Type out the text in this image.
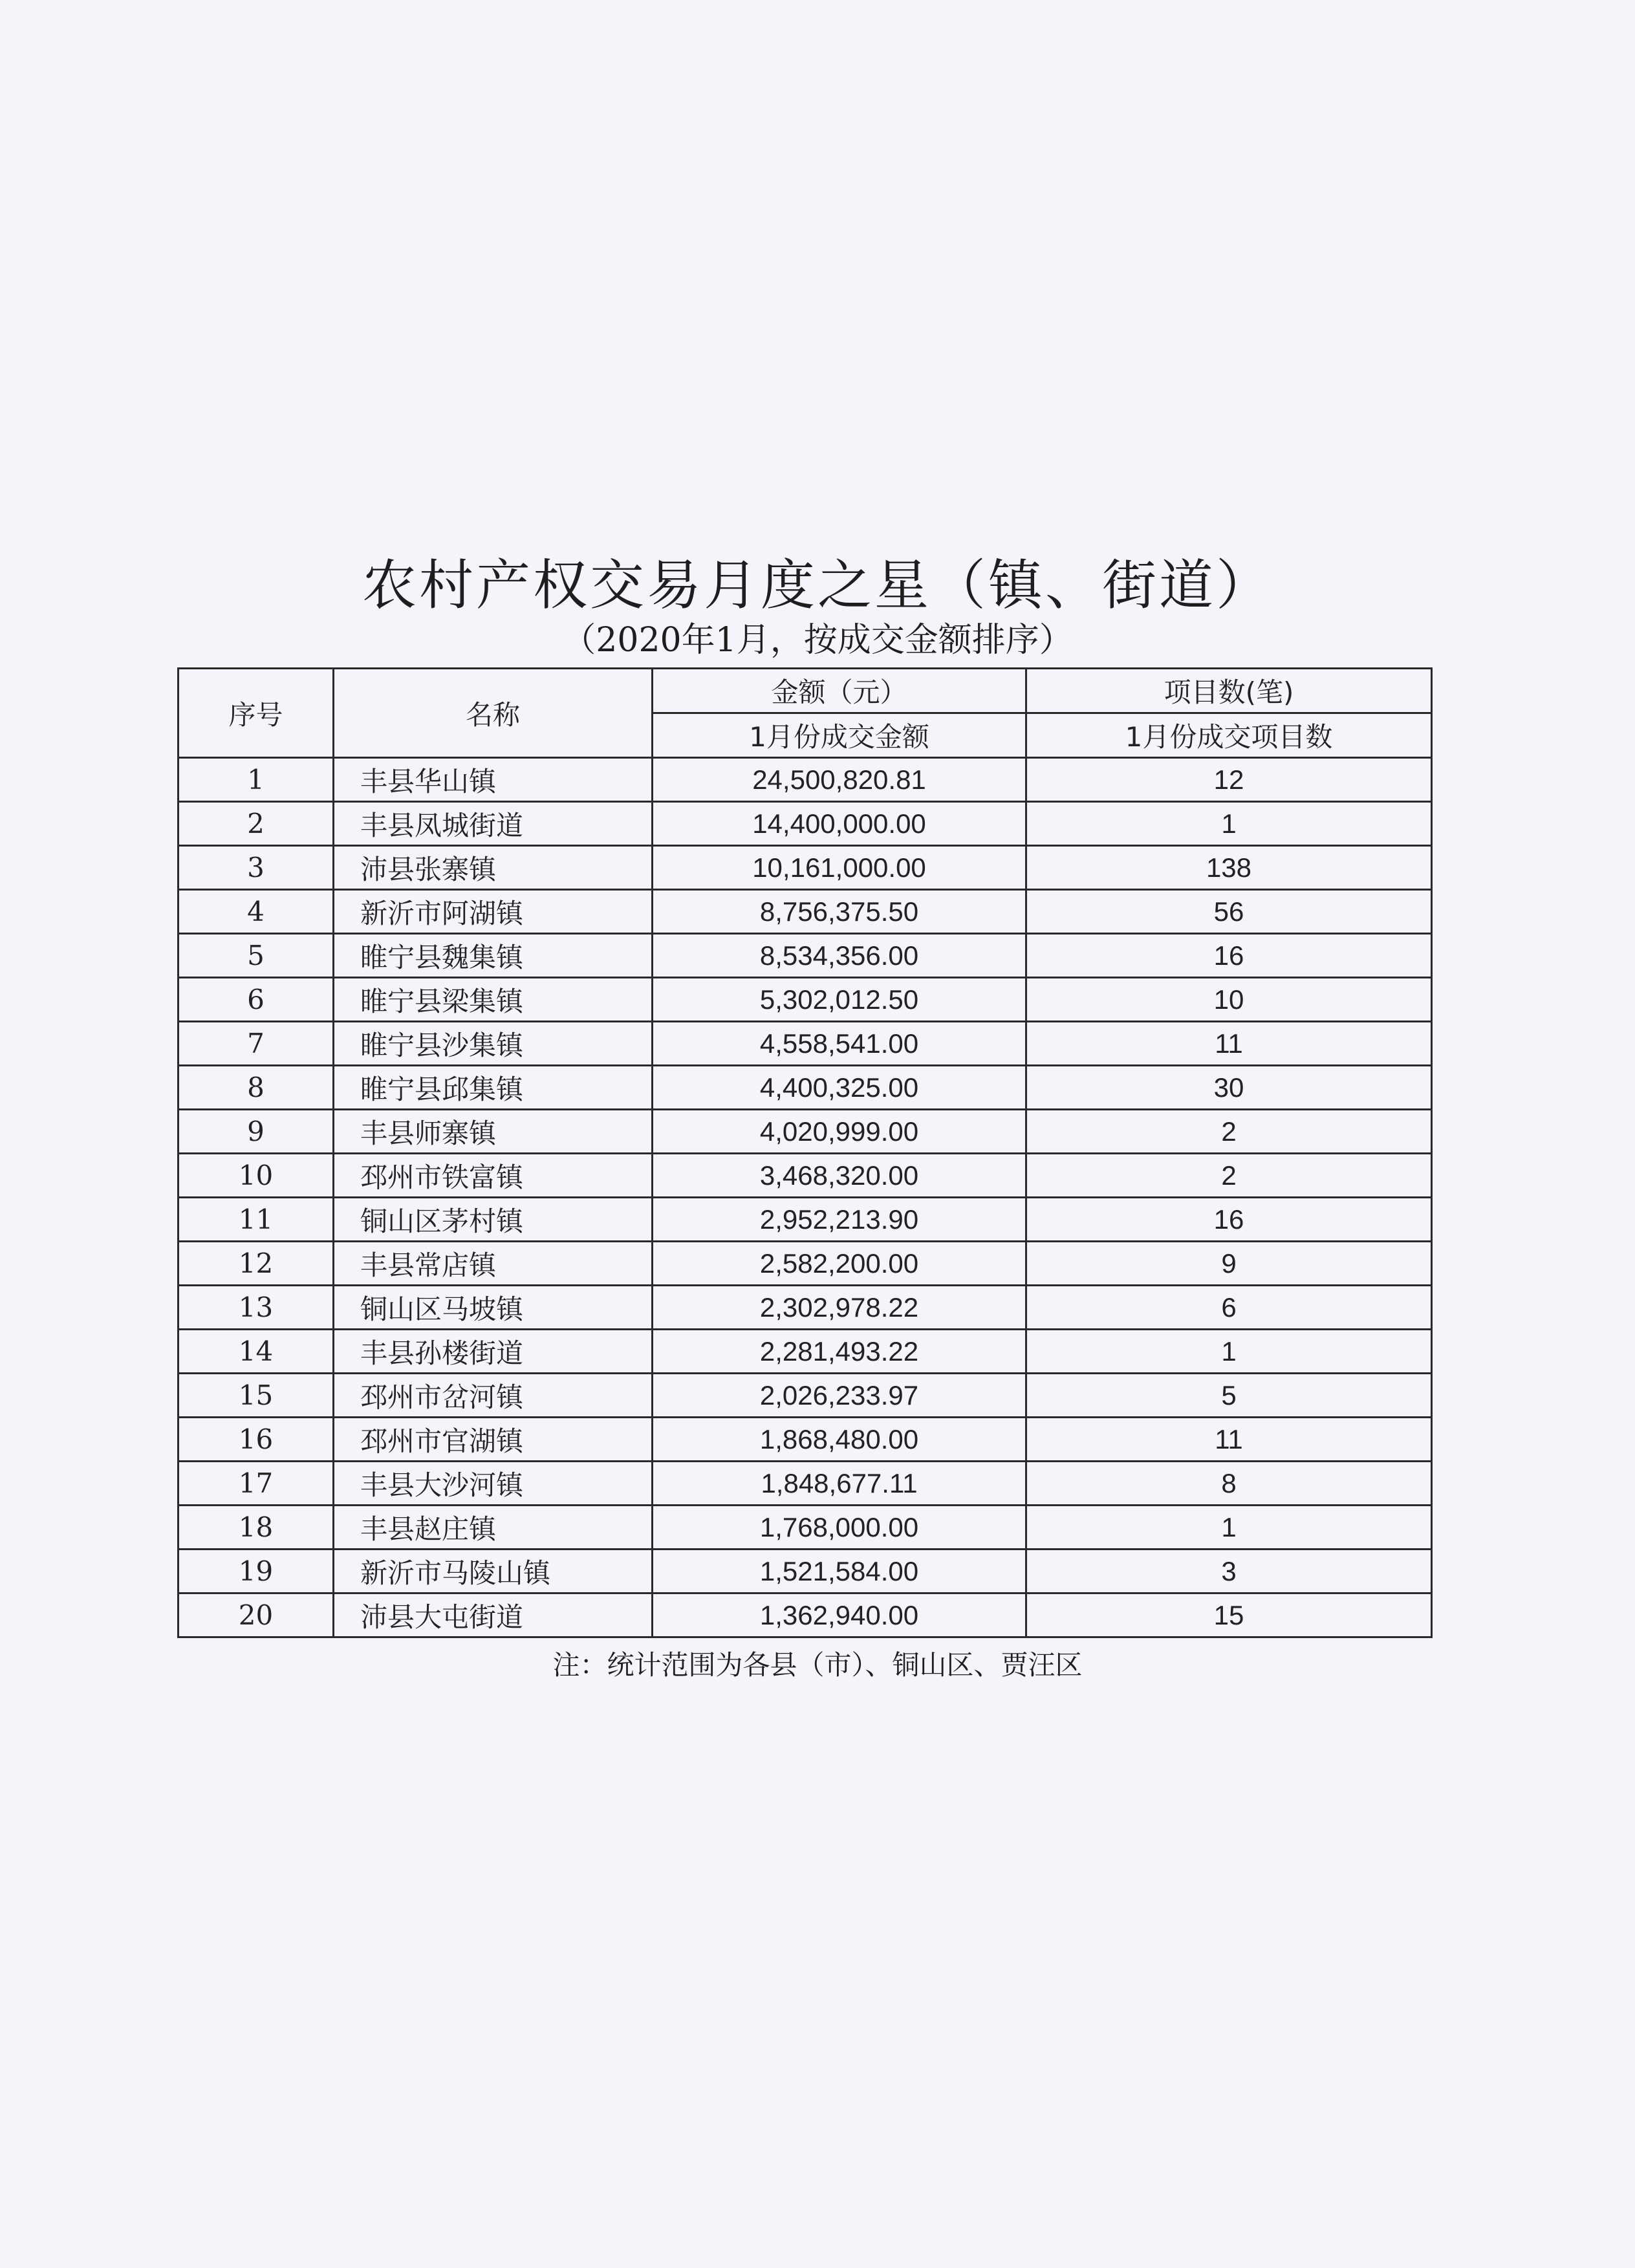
农村产权交易月度之星（镇、街道）
（2020年1月，按成交金额排序）
序号	名称	金额（元）	项目数(笔)
		1月份成交金额	1月份成交项目数
1	丰县华山镇	24,500,820.81	12
2	丰县凤城街道	14,400,000.00	1
3	沛县张寨镇	10,161,000.00	138
4	新沂市阿湖镇	8,756,375.50	56
5	睢宁县魏集镇	8,534,356.00	16
6	睢宁县梁集镇	5,302,012.50	10
7	睢宁县沙集镇	4,558,541.00	11
8	睢宁县邱集镇	4,400,325.00	30
9	丰县师寨镇	4,020,999.00	2
10	邳州市铁富镇	3,468,320.00	2
11	铜山区茅村镇	2,952,213.90	16
12	丰县常店镇	2,582,200.00	9
13	铜山区马坡镇	2,302,978.22	6
14	丰县孙楼街道	2,281,493.22	1
15	邳州市岔河镇	2,026,233.97	5
16	邳州市官湖镇	1,868,480.00	11
17	丰县大沙河镇	1,848,677.11	8
18	丰县赵庄镇	1,768,000.00	1
19	新沂市马陵山镇	1,521,584.00	3
20	沛县大屯街道	1,362,940.00	15
注：统计范围为各县（市）、铜山区、贾汪区
